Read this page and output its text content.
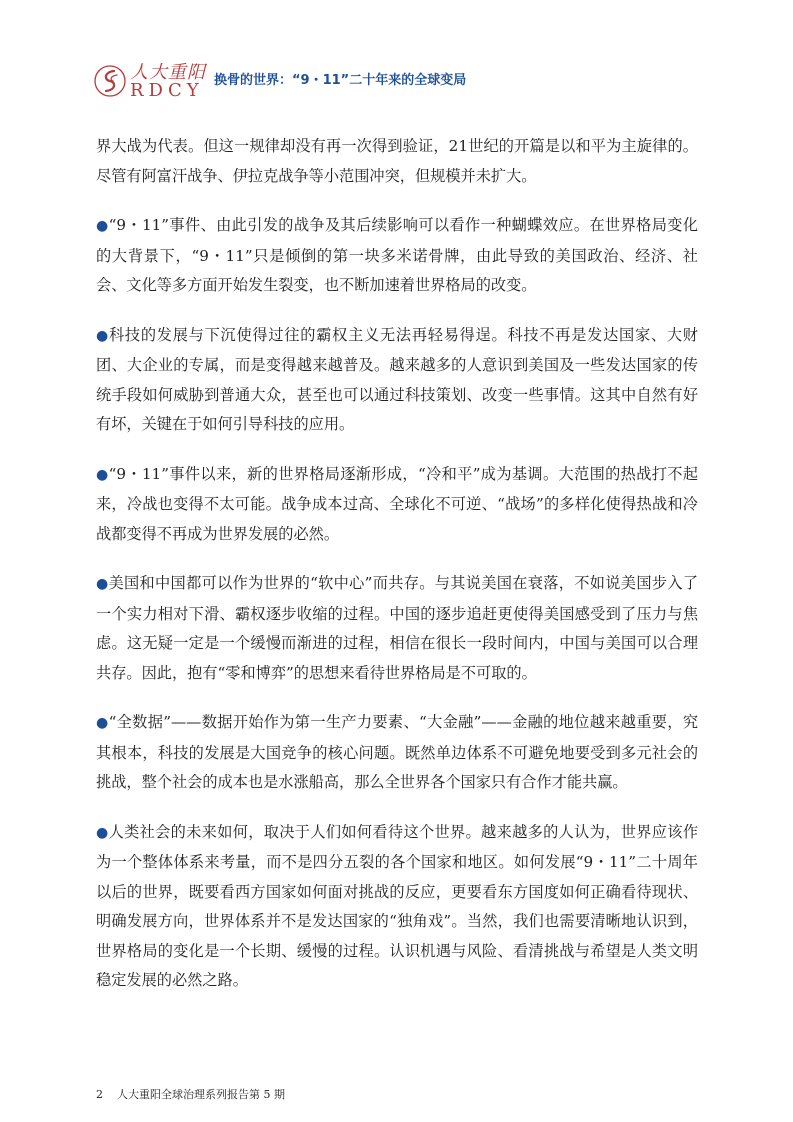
人大重阳
RDCY 换骨的世界：“9・11”二十年来的全球变局

界大战为代表。但这一规律却没有再一次得到验证，21世纪的开篇是以和平为主旋律的。尽管有阿富汗战争、伊拉克战争等小范围冲突，但规模并未扩大。

●“9・11”事件、由此引发的战争及其后续影响可以看作一种蝴蝶效应。在世界格局变化的大背景下，“9・11”只是倾倒的第一块多米诺骨牌，由此导致的美国政治、经济、社会、文化等多方面开始发生裂变，也不断加速着世界格局的改变。

●科技的发展与下沉使得过往的霸权主义无法再轻易得逞。科技不再是发达国家、大财团、大企业的专属，而是变得越来越普及。越来越多的人意识到美国及一些发达国家的传统手段如何威胁到普通大众，甚至也可以通过科技策划、改变一些事情。这其中自然有好有坏，关键在于如何引导科技的应用。

●“9・11”事件以来，新的世界格局逐渐形成，“冷和平”成为基调。大范围的热战打不起来，冷战也变得不太可能。战争成本过高、全球化不可逆、“战场”的多样化使得热战和冷战都变得不再成为世界发展的必然。

●美国和中国都可以作为世界的“软中心”而共存。与其说美国在衰落，不如说美国步入了一个实力相对下滑、霸权逐步收缩的过程。中国的逐步追赶更使得美国感受到了压力与焦虑。这无疑一定是一个缓慢而渐进的过程，相信在很长一段时间内，中国与美国可以合理共存。因此，抱有“零和博弈”的思想来看待世界格局是不可取的。

●“全数据”——数据开始作为第一生产力要素、“大金融”——金融的地位越来越重要，究其根本，科技的发展是大国竞争的核心问题。既然单边体系不可避免地要受到多元社会的挑战，整个社会的成本也是水涨船高，那么全世界各个国家只有合作才能共赢。

●人类社会的未来如何，取决于人们如何看待这个世界。越来越多的人认为，世界应该作为一个整体体系来考量，而不是四分五裂的各个国家和地区。如何发展“9・11”二十周年以后的世界，既要看西方国家如何面对挑战的反应，更要看东方国度如何正确看待现状、明确发展方向，世界体系并不是发达国家的“独角戏”。当然，我们也需要清晰地认识到，世界格局的变化是一个长期、缓慢的过程。认识机遇与风险、看清挑战与希望是人类文明稳定发展的必然之路。

2 人大重阳全球治理系列报告第 5 期
